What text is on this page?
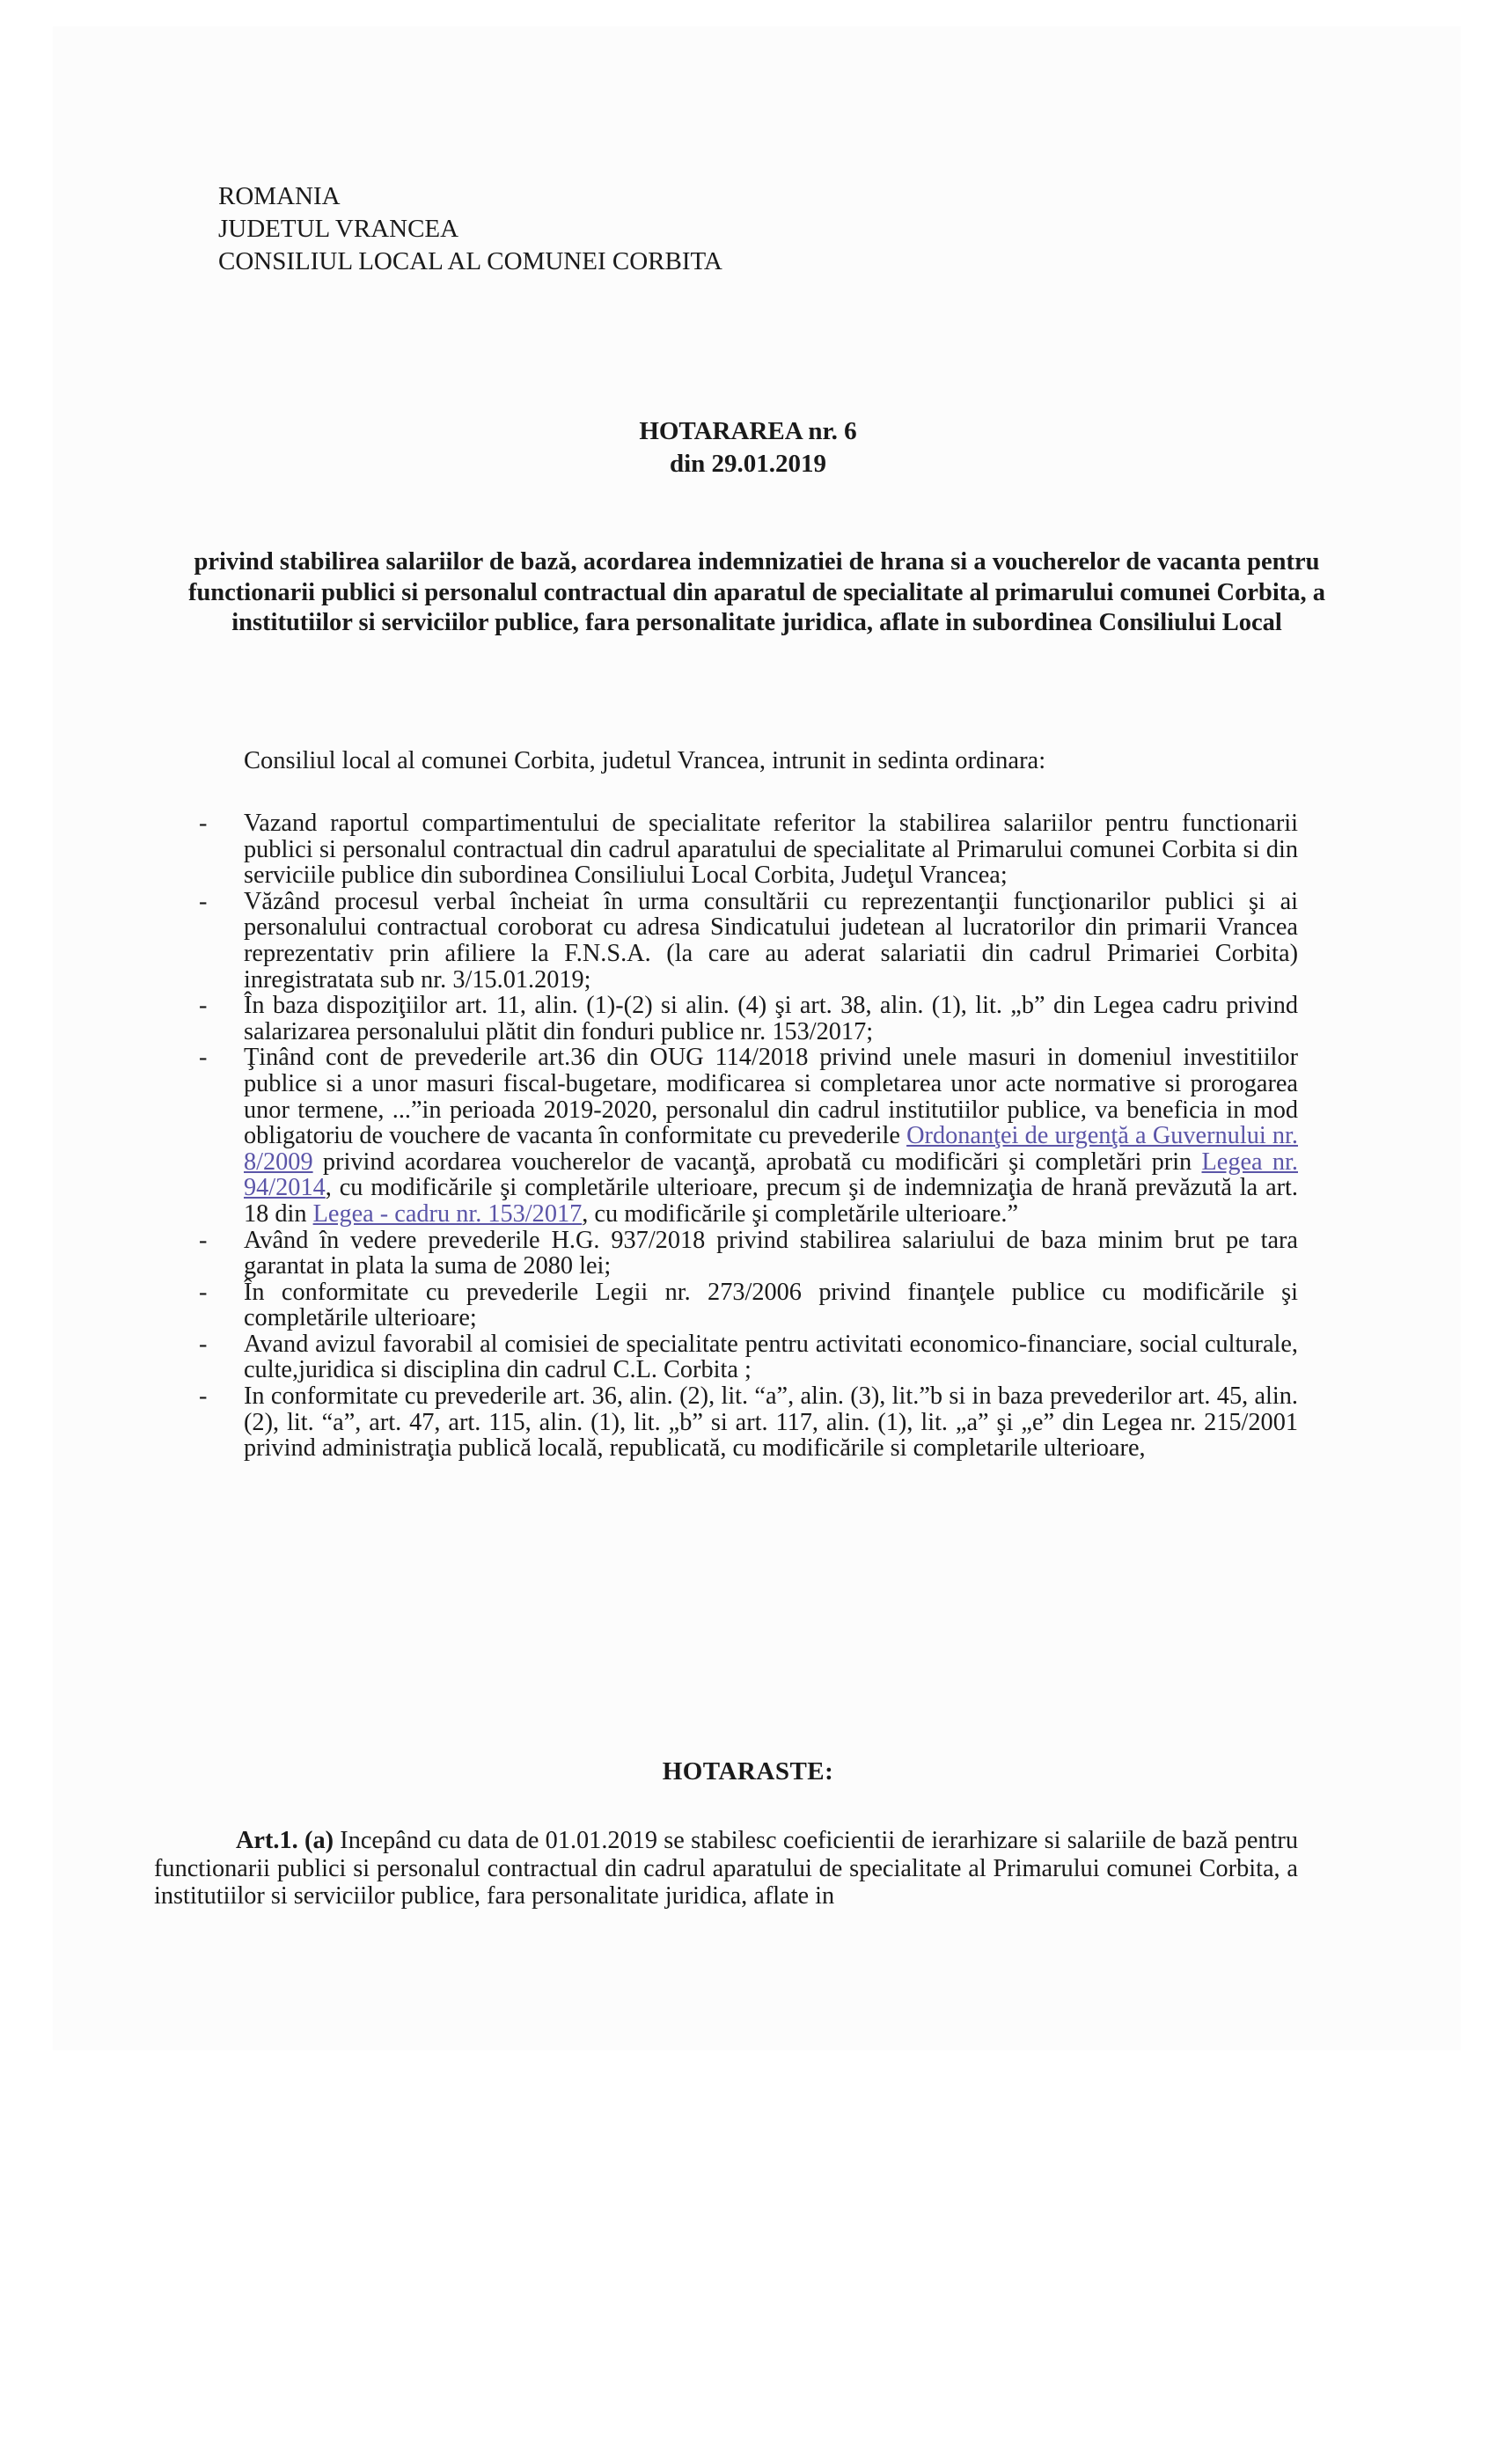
ROMANIA
JUDETUL VRANCEA
CONSILIUL LOCAL AL COMUNEI CORBITA
HOTARAREA nr. 6
din 29.01.2019
privind stabilirea salariilor de bază, acordarea indemnizatiei de hrana si a voucherelor de vacanta pentru functionarii publici si personalul contractual din aparatul de specialitate al primarului comunei Corbita, a institutiilor si serviciilor publice, fara personalitate juridica, aflate in subordinea Consiliului Local
Consiliul local al comunei Corbita, judetul Vrancea, intrunit in sedinta ordinara:
- Vazand raportul compartimentului de specialitate referitor la stabilirea salariilor pentru functionarii publici si personalul contractual din cadrul aparatului de specialitate al Primarului comunei Corbita si din serviciile publice din subordinea Consiliului Local Corbita, Judeţul Vrancea;
- Văzând procesul verbal încheiat în urma consultării cu reprezentanţii funcţionarilor publici şi ai personalului contractual coroborat cu adresa Sindicatului judetean al lucratorilor din primarii Vrancea reprezentativ prin afiliere la F.N.S.A. (la care au aderat salariatii din cadrul Primariei Corbita) inregistratata sub nr. 3/15.01.2019;
- În baza dispoziţiilor art. 11, alin. (1)-(2) si alin. (4) şi art. 38, alin. (1), lit. „b” din Legea cadru privind salarizarea personalului plătit din fonduri publice nr. 153/2017;
- Ţinând cont de prevederile art.36 din OUG 114/2018 privind unele masuri in domeniul investitiilor publice si a unor masuri fiscal-bugetare, modificarea si completarea unor acte normative si prorogarea unor termene, ...”in perioada 2019-2020, personalul din cadrul institutiilor publice, va beneficia in mod obligatoriu de vouchere de vacanta în conformitate cu prevederile Ordonanţei de urgenţă a Guvernului nr. 8/2009 privind acordarea voucherelor de vacanţă, aprobată cu modificări şi completări prin Legea nr. 94/2014, cu modificările şi completările ulterioare, precum şi de indemnizaţia de hrană prevăzută la art. 18 din Legea - cadru nr. 153/2017, cu modificările şi completările ulterioare.”
- Având în vedere prevederile H.G. 937/2018 privind stabilirea salariului de baza minim brut pe tara garantat in plata la suma de 2080 lei;
- În conformitate cu prevederile Legii nr. 273/2006 privind finanţele publice cu modificările şi completările ulterioare;
- Avand avizul favorabil al comisiei de specialitate pentru activitati economico-financiare, social culturale, culte,juridica si disciplina din cadrul C.L. Corbita ;
- In conformitate cu prevederile art. 36, alin. (2), lit. “a”, alin. (3), lit.”b si in baza prevederilor art. 45, alin. (2), lit. “a”, art. 47, art. 115, alin. (1), lit. „b” si art. 117, alin. (1), lit. „a” şi „e” din Legea nr. 215/2001 privind administraţia publică locală, republicată, cu modificările si completarile ulterioare,
HOTARASTE:
Art.1. (a) Incepând cu data de 01.01.2019 se stabilesc coeficientii de ierarhizare si salariile de bază pentru functionarii publici si personalul contractual din cadrul aparatului de specialitate al Primarului comunei Corbita, a institutiilor si serviciilor publice, fara personalitate juridica, aflate in
